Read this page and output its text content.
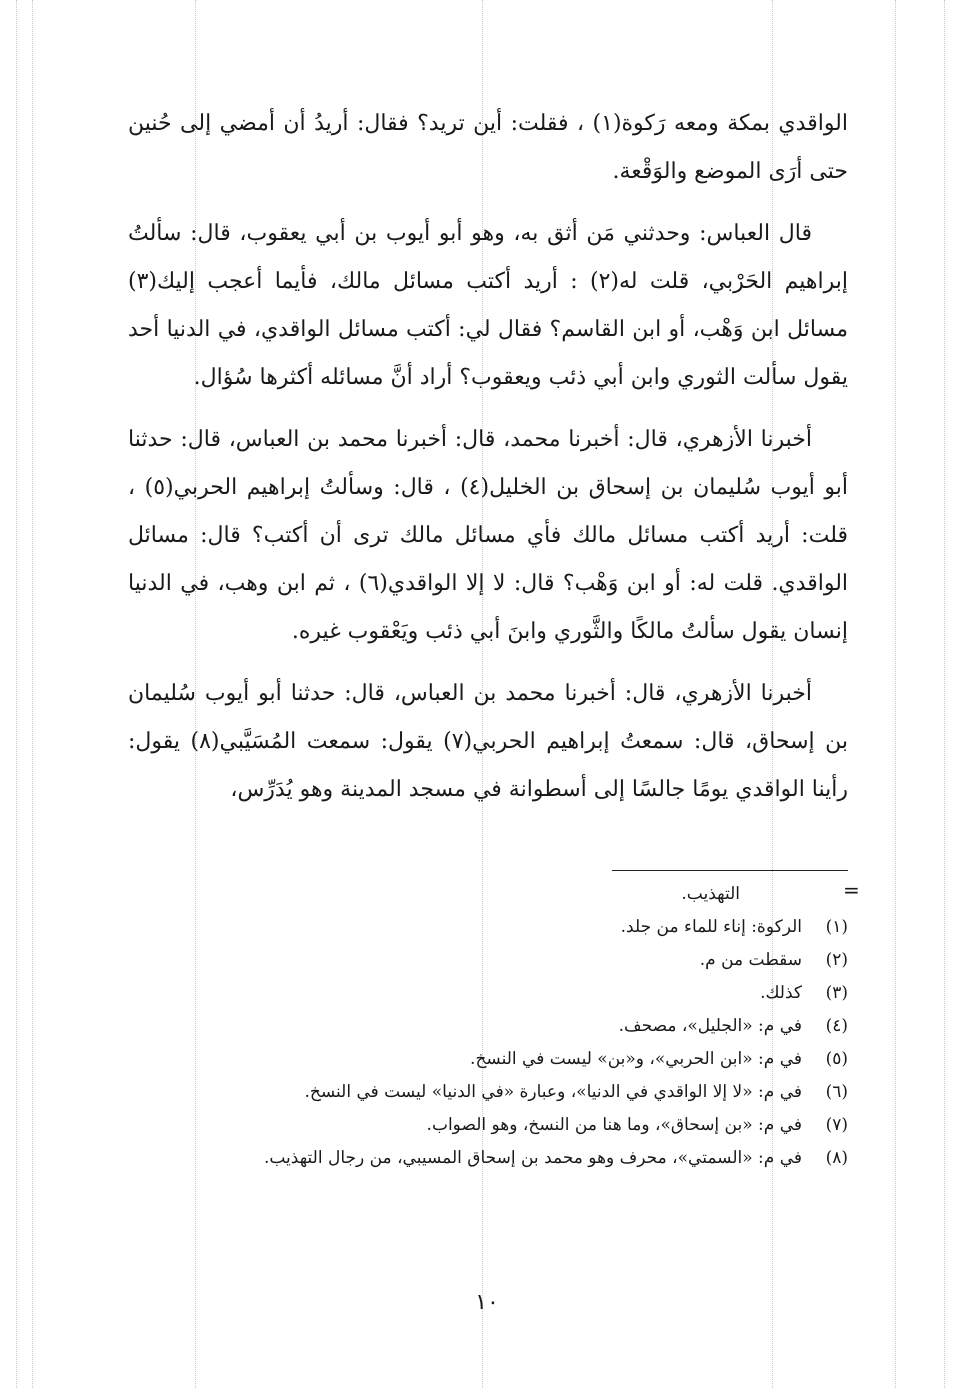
الواقدي بمكة ومعه رَكوة(١) ، فقلت: أين تريد؟ فقال: أريدُ أن أمضي إلى حُنين حتى أرَى الموضع والوَقْعة.

قال العباس: وحدثني مَن أثق به، وهو أبو أيوب بن أبي يعقوب، قال: سألتُ إبراهيم الحَرْبي، قلت له(٢) : أريد أكتب مسائل مالك، فأيما أعجب إليك(٣) مسائل ابن وَهْب، أو ابن القاسم؟ فقال لي: أكتب مسائل الواقدي، في الدنيا أحد يقول سألت الثوري وابن أبي ذئب ويعقوب؟ أراد أنَّ مسائله أكثرها سُؤال.

أخبرنا الأزهري، قال: أخبرنا محمد، قال: أخبرنا محمد بن العباس، قال: حدثنا أبو أيوب سُليمان بن إسحاق بن الخليل(٤) ، قال: وسألتُ إبراهيم الحربي(٥) ، قلت: أريد أكتب مسائل مالك فأي مسائل مالك ترى أن أكتب؟ قال: مسائل الواقدي. قلت له: أو ابن وَهْب؟ قال: لا إلا الواقدي(٦) ، ثم ابن وهب، في الدنيا إنسان يقول سألتُ مالكًا والثَّوري وابنَ أبي ذئب ويَعْقوب غيره.

أخبرنا الأزهري، قال: أخبرنا محمد بن العباس، قال: حدثنا أبو أيوب سُليمان بن إسحاق، قال: سمعتُ إبراهيم الحربي(٧) يقول: سمعت المُسَيَّبي(٨) يقول: رأينا الواقدي يومًا جالسًا إلى أسطوانة في مسجد المدينة وهو يُدَرِّس،

=
التهذيب.
(١)
الركوة: إناء للماء من جلد.
(٢)
سقطت من م.
(٣)
كذلك.
(٤)
في م: «الجليل»، مصحف.
(٥)
في م: «ابن الحربي»، و«بن» ليست في النسخ.
(٦)
في م: «لا إلا الواقدي في الدنيا»، وعبارة «في الدنيا» ليست في النسخ.
(٧)
في م: «بن إسحاق»، وما هنا من النسخ، وهو الصواب.
(٨)
في م: «السمتي»، محرف وهو محمد بن إسحاق المسيبي، من رجال التهذيب.
١٠
